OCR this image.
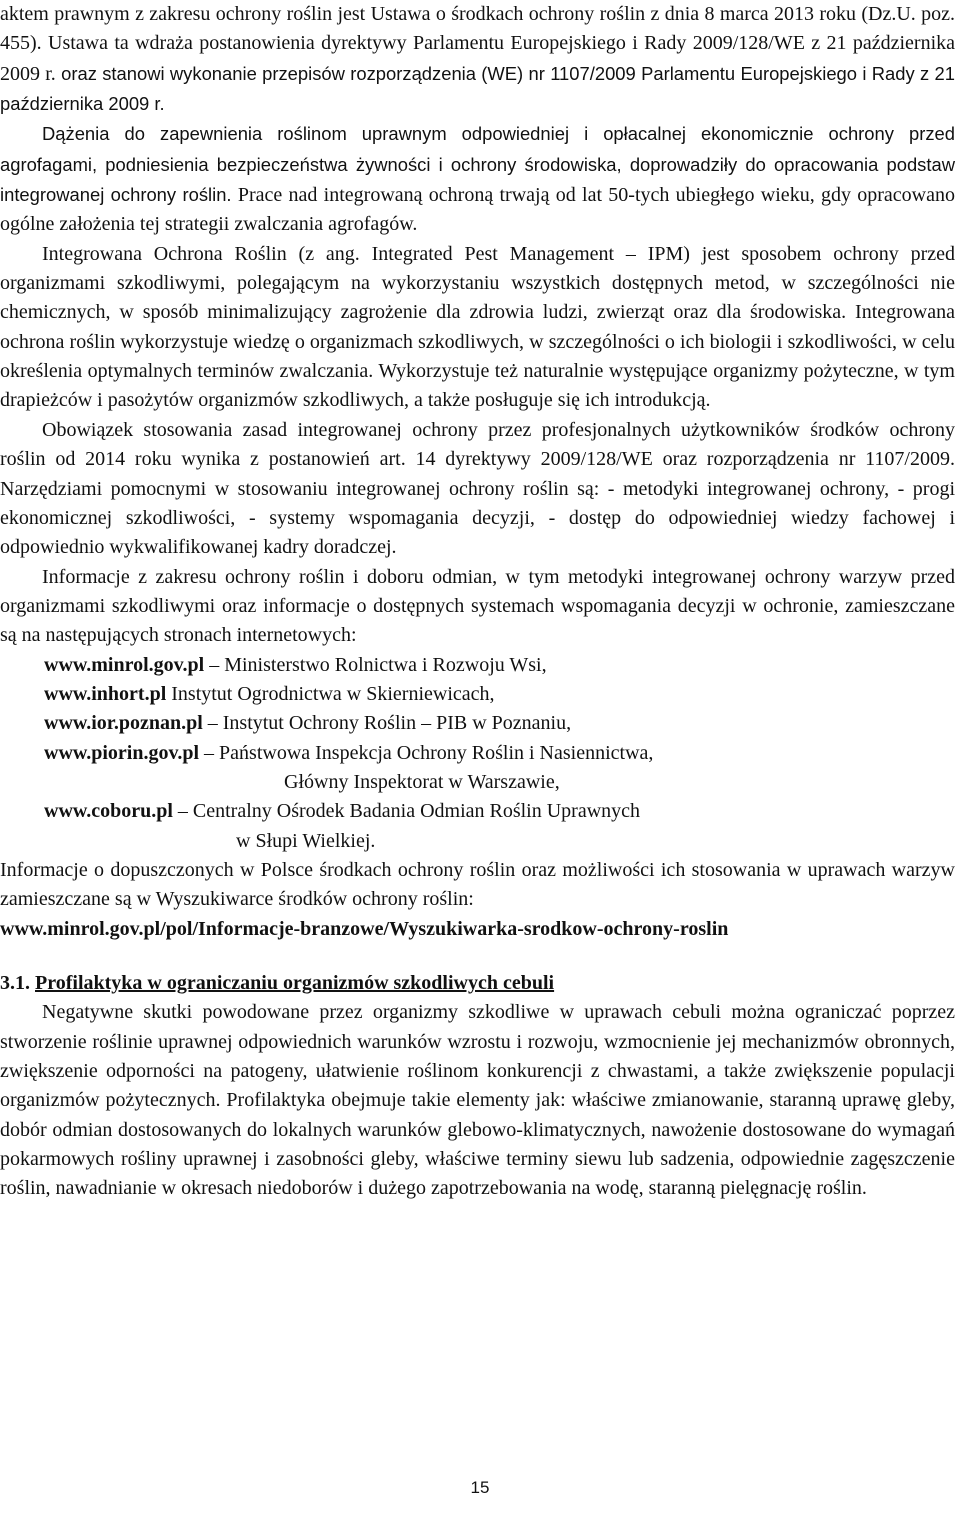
aktem prawnym z zakresu ochrony roślin jest Ustawa o środkach ochrony roślin z dnia 8 marca 2013 roku (Dz.U. poz. 455). Ustawa ta wdraża postanowienia dyrektywy Parlamentu Europejskiego i Rady 2009/128/WE z 21 października 2009 r. oraz stanowi wykonanie przepisów rozporządzenia (WE) nr 1107/2009 Parlamentu Europejskiego i Rady z 21 października 2009 r.

Dążenia do zapewnienia roślinom uprawnym odpowiedniej i opłacalnej ekonomicznie ochrony przed agrofagami, podniesienia bezpieczeństwa żywności i ochrony środowiska, doprowadziły do opracowania podstaw integrowanej ochrony roślin. Prace nad integrowaną ochroną trwają od lat 50-tych ubiegłego wieku, gdy opracowano ogólne założenia tej strategii zwalczania agrofagów.

Integrowana Ochrona Roślin (z ang. Integrated Pest Management – IPM) jest sposobem ochrony przed organizmami szkodliwymi, polegającym na wykorzystaniu wszystkich dostępnych metod, w szczególności nie chemicznych, w sposób minimalizujący zagrożenie dla zdrowia ludzi, zwierząt oraz dla środowiska. Integrowana ochrona roślin wykorzystuje wiedzę o organizmach szkodliwych, w szczególności o ich biologii i szkodliwości, w celu określenia optymalnych terminów zwalczania. Wykorzystuje też naturalnie występujące organizmy pożyteczne, w tym drapieżców i pasożytów organizmów szkodliwych, a także posługuje się ich introdukcją.

Obowiązek stosowania zasad integrowanej ochrony przez profesjonalnych użytkowników środków ochrony roślin od 2014 roku wynika z postanowień art. 14 dyrektywy 2009/128/WE oraz rozporządzenia nr 1107/2009. Narzędziami pomocnymi w stosowaniu integrowanej ochrony roślin są: - metodyki integrowanej ochrony, - progi ekonomicznej szkodliwości, - systemy wspomagania decyzji, - dostęp do odpowiedniej wiedzy fachowej i odpowiednio wykwalifikowanej kadry doradczej.

Informacje z zakresu ochrony roślin i doboru odmian, w tym metodyki integrowanej ochrony warzyw przed organizmami szkodliwymi oraz informacje o dostępnych systemach wspomagania decyzji w ochronie, zamieszczane są na następujących stronach internetowych:

www.minrol.gov.pl – Ministerstwo Rolnictwa i Rozwoju Wsi,

www.inhort.pl Instytut Ogrodnictwa w Skierniewicach,

www.ior.poznan.pl – Instytut Ochrony Roślin – PIB w Poznaniu,

www.piorin.gov.pl – Państwowa Inspekcja Ochrony Roślin i Nasiennictwa,

Główny Inspektorat w Warszawie,

www.coboru.pl – Centralny Ośrodek Badania Odmian Roślin Uprawnych

w Słupi Wielkiej.

Informacje o dopuszczonych w Polsce środkach ochrony roślin oraz możliwości ich stosowania w uprawach warzyw zamieszczane są w Wyszukiwarce środków ochrony roślin:

www.minrol.gov.pl/pol/Informacje-branzowe/Wyszukiwarka-srodkow-ochrony-roslin

3.1. Profilaktyka w ograniczaniu organizmów szkodliwych cebuli

Negatywne skutki powodowane przez organizmy szkodliwe w uprawach cebuli można ograniczać poprzez stworzenie roślinie uprawnej odpowiednich warunków wzrostu i rozwoju, wzmocnienie jej mechanizmów obronnych, zwiększenie odporności na patogeny, ułatwienie roślinom konkurencji z chwastami, a także zwiększenie populacji organizmów pożytecznych. Profilaktyka obejmuje takie elementy jak: właściwe zmianowanie, staranną uprawę gleby, dobór odmian dostosowanych do lokalnych warunków glebowo-klimatycznych, nawożenie dostosowane do wymagań pokarmowych rośliny uprawnej i zasobności gleby, właściwe terminy siewu lub sadzenia, odpowiednie zagęszczenie roślin, nawadnianie w okresach niedoborów i dużego zapotrzebowania na wodę, staranną pielęgnację roślin.

15
